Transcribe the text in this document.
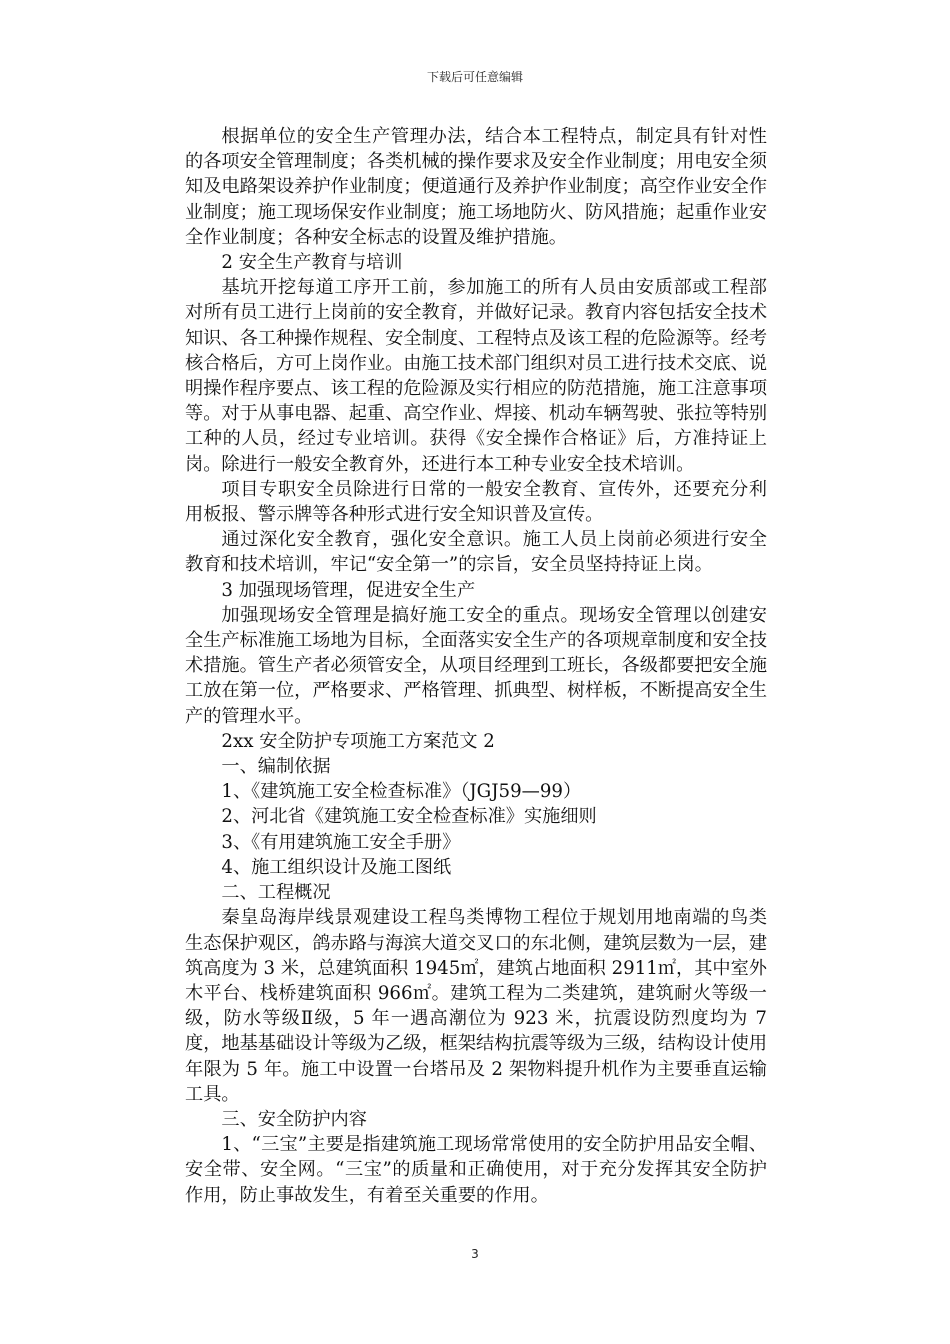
下载后可任意编辑

根据单位的安全生产管理办法，结合本工程特点，制定具有针对性的各项安全管理制度；各类机械的操作要求及安全作业制度；用电安全须知及电路架设养护作业制度；便道通行及养护作业制度；高空作业安全作业制度；施工现场保安作业制度；施工场地防火、防风措施；起重作业安全作业制度；各种安全标志的设置及维护措施。

2 安全生产教育与培训

基坑开挖每道工序开工前，参加施工的所有人员由安质部或工程部对所有员工进行上岗前的安全教育，并做好记录。教育内容包括安全技术知识、各工种操作规程、安全制度、工程特点及该工程的危险源等。经考核合格后，方可上岗作业。由施工技术部门组织对员工进行技术交底、说明操作程序要点、该工程的危险源及实行相应的防范措施，施工注意事项等。对于从事电器、起重、高空作业、焊接、机动车辆驾驶、张拉等特别工种的人员，经过专业培训。获得《安全操作合格证》后，方准持证上岗。除进行一般安全教育外，还进行本工种专业安全技术培训。

项目专职安全员除进行日常的一般安全教育、宣传外，还要充分利用板报、警示牌等各种形式进行安全知识普及宣传。

通过深化安全教育，强化安全意识。施工人员上岗前必须进行安全教育和技术培训，牢记“安全第一”的宗旨，安全员坚持持证上岗。

3 加强现场管理，促进安全生产

加强现场安全管理是搞好施工安全的重点。现场安全管理以创建安全生产标准施工场地为目标，全面落实安全生产的各项规章制度和安全技术措施。管生产者必须管安全，从项目经理到工班长，各级都要把安全施工放在第一位，严格要求、严格管理、抓典型、树样板，不断提高安全生产的管理水平。

2xx 安全防护专项施工方案范文 2

一、编制依据

1、《建筑施工安全检查标准》（JGJ59—99）

2、河北省《建筑施工安全检查标准》实施细则

3、《有用建筑施工安全手册》

4、施工组织设计及施工图纸

二、工程概况

秦皇岛海岸线景观建设工程鸟类博物工程位于规划用地南端的鸟类生态保护观区，鸽赤路与海滨大道交叉口的东北侧，建筑层数为一层，建筑高度为 3 米，总建筑面积 1945㎡，建筑占地面积 2911㎡，其中室外木平台、栈桥建筑面积 966㎡。建筑工程为二类建筑，建筑耐火等级一级，防水等级Ⅱ级，5 年一遇高潮位为 923 米，抗震设防烈度均为 7 度，地基基础设计等级为乙级，框架结构抗震等级为三级，结构设计使用年限为 5 年。施工中设置一台塔吊及 2 架物料提升机作为主要垂直运输工具。

三、安全防护内容

1、“三宝”主要是指建筑施工现场常常使用的安全防护用品安全帽、安全带、安全网。“三宝”的质量和正确使用，对于充分发挥其安全防护作用，防止事故发生，有着至关重要的作用。

3
